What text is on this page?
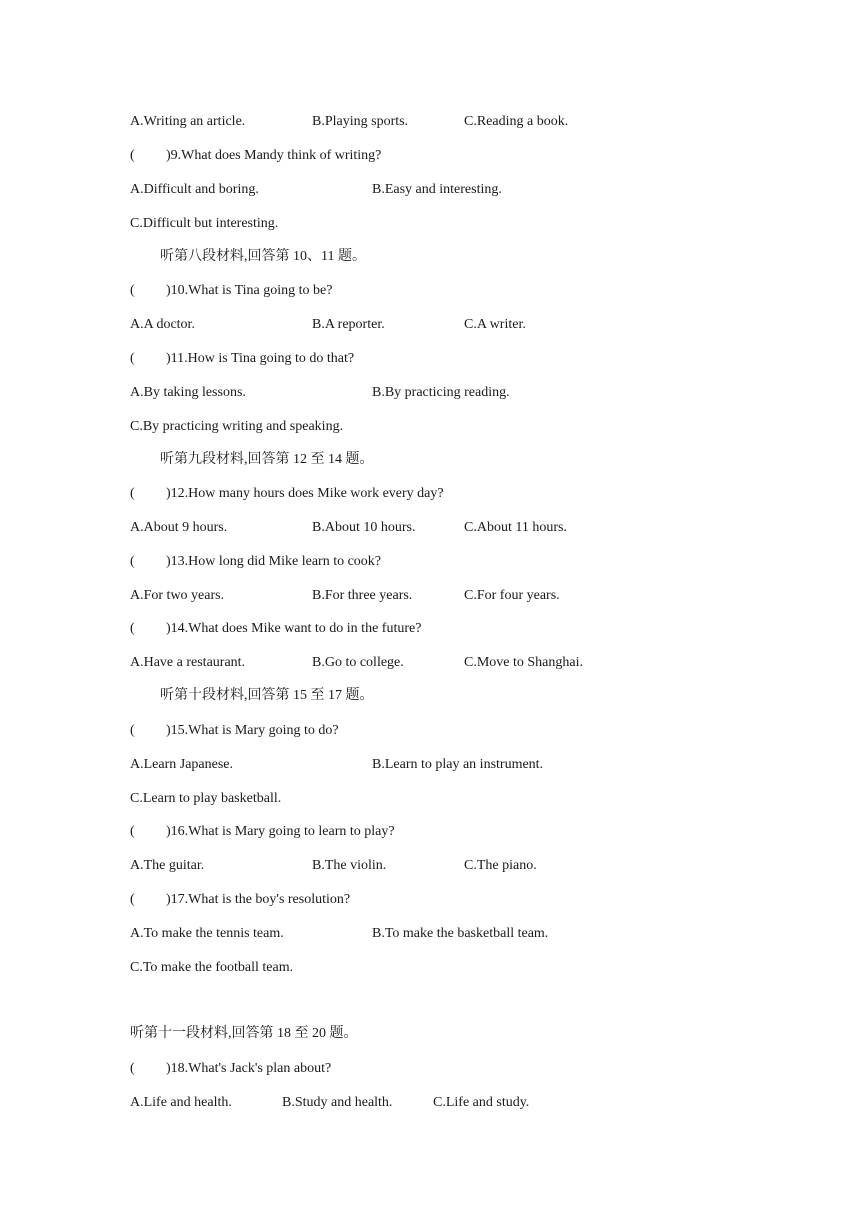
A.Writing an article.	B.Playing sports.	C.Reading a book.
( )9.What does Mandy think of writing?
A.Difficult and boring.	B.Easy and interesting.
C.Difficult but interesting.
听第八段材料,回答第 10、11 题。
( )10.What is Tina going to be?
A.A doctor.	B.A reporter.	C.A writer.
( )11.How is Tina going to do that?
A.By taking lessons.	B.By practicing reading.
C.By practicing writing and speaking.
听第九段材料,回答第 12 至 14 题。
( )12.How many hours does Mike work every day?
A.About 9 hours.	B.About 10 hours.	C.About 11 hours.
( )13.How long did Mike learn to cook?
A.For two years.	B.For three years.	C.For four years.
( )14.What does Mike want to do in the future?
A.Have a restaurant.	B.Go to college.	C.Move to Shanghai.
听第十段材料,回答第 15 至 17 题。
( )15.What is Mary going to do?
A.Learn Japanese.	B.Learn to play an instrument.
C.Learn to play basketball.
( )16.What is Mary going to learn to play?
A.The guitar.	B.The violin.	C.The piano.
( )17.What is the boy's resolution?
A.To make the tennis team.	B.To make the basketball team.
C.To make the football team.
听第十一段材料,回答第 18 至 20 题。
( )18.What's Jack's plan about?
A.Life and health.	B.Study and health.	C.Life and study.
